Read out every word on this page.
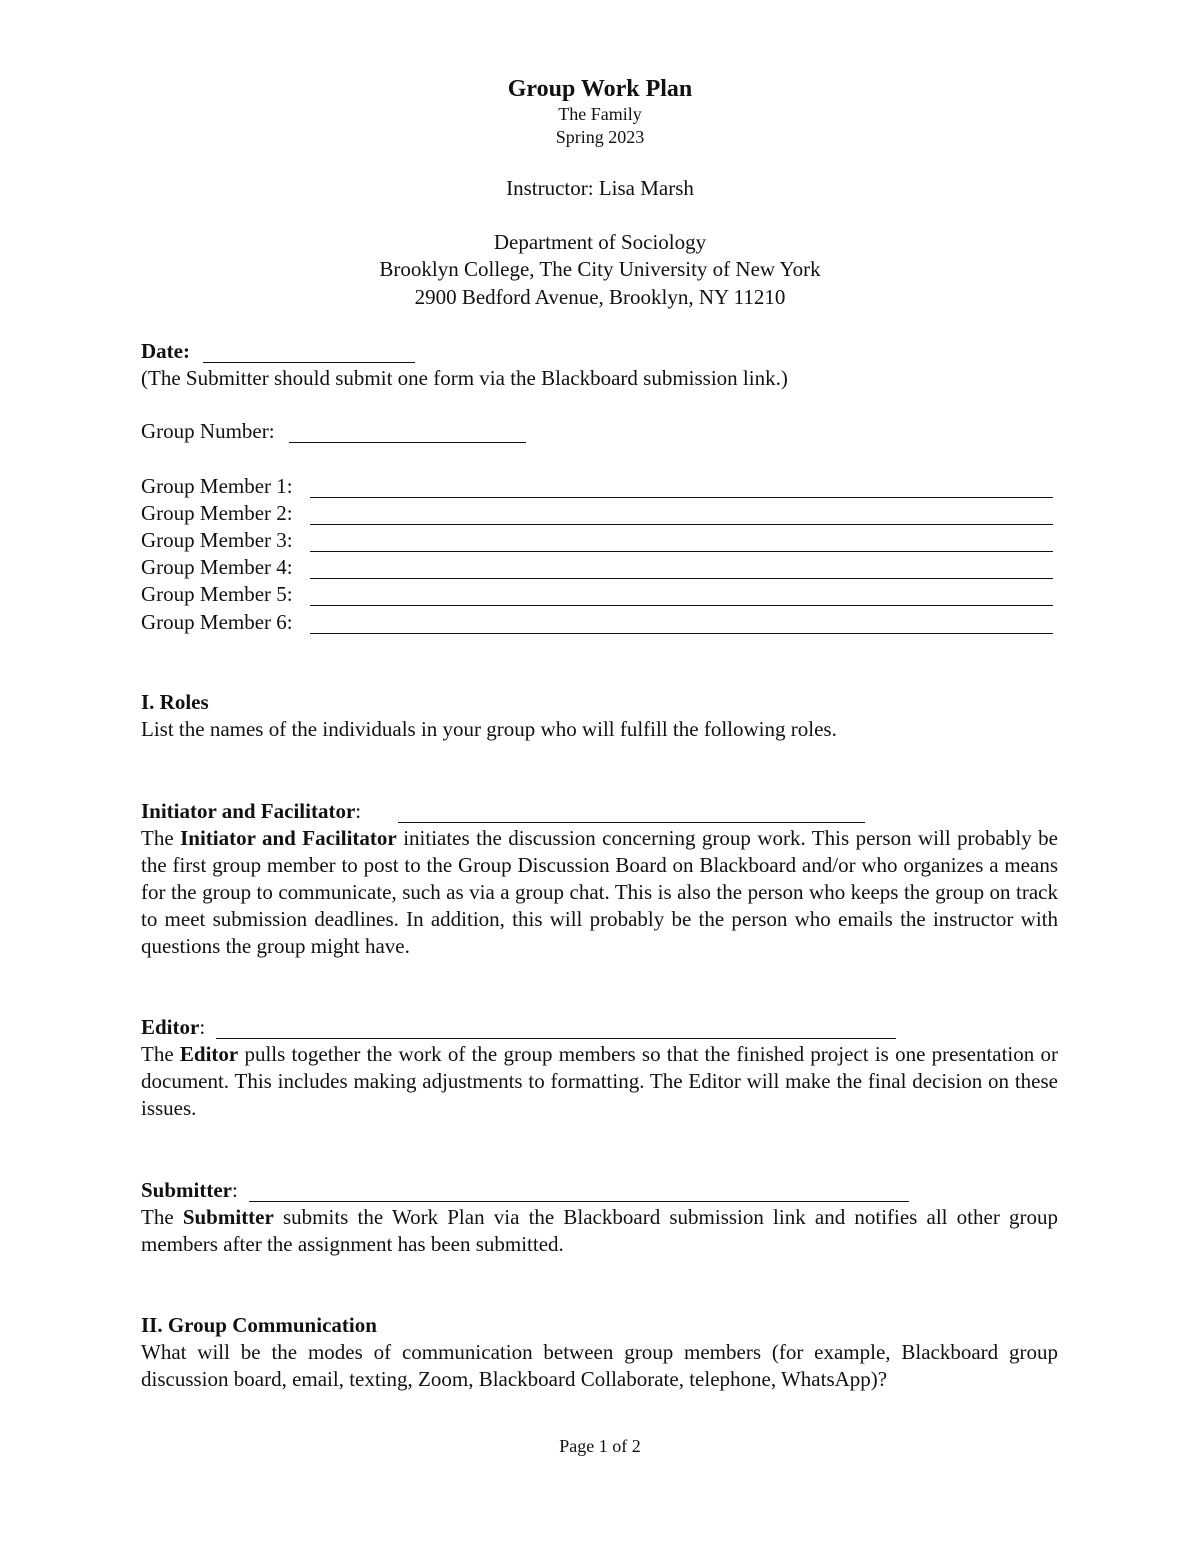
Group Work Plan
The Family
Spring 2023
Instructor: Lisa Marsh
Department of Sociology
Brooklyn College, The City University of New York
2900 Bedford Avenue, Brooklyn, NY 11210
Date:
(The Submitter should submit one form via the Blackboard submission link.)
Group Number:
Group Member 1:
Group Member 2:
Group Member 3:
Group Member 4:
Group Member 5:
Group Member 6:
I. Roles
List the names of the individuals in your group who will fulfill the following roles.
Initiator and Facilitator:
The Initiator and Facilitator initiates the discussion concerning group work. This person will probably be the first group member to post to the Group Discussion Board on Blackboard and/or who organizes a means for the group to communicate, such as via a group chat. This is also the person who keeps the group on track to meet submission deadlines. In addition, this will probably be the person who emails the instructor with questions the group might have.
Editor:
The Editor pulls together the work of the group members so that the finished project is one presentation or document. This includes making adjustments to formatting. The Editor will make the final decision on these issues.
Submitter:
The Submitter submits the Work Plan via the Blackboard submission link and notifies all other group members after the assignment has been submitted.
II. Group Communication
What will be the modes of communication between group members (for example, Blackboard group discussion board, email, texting, Zoom, Blackboard Collaborate, telephone, WhatsApp)?
Page 1 of 2
